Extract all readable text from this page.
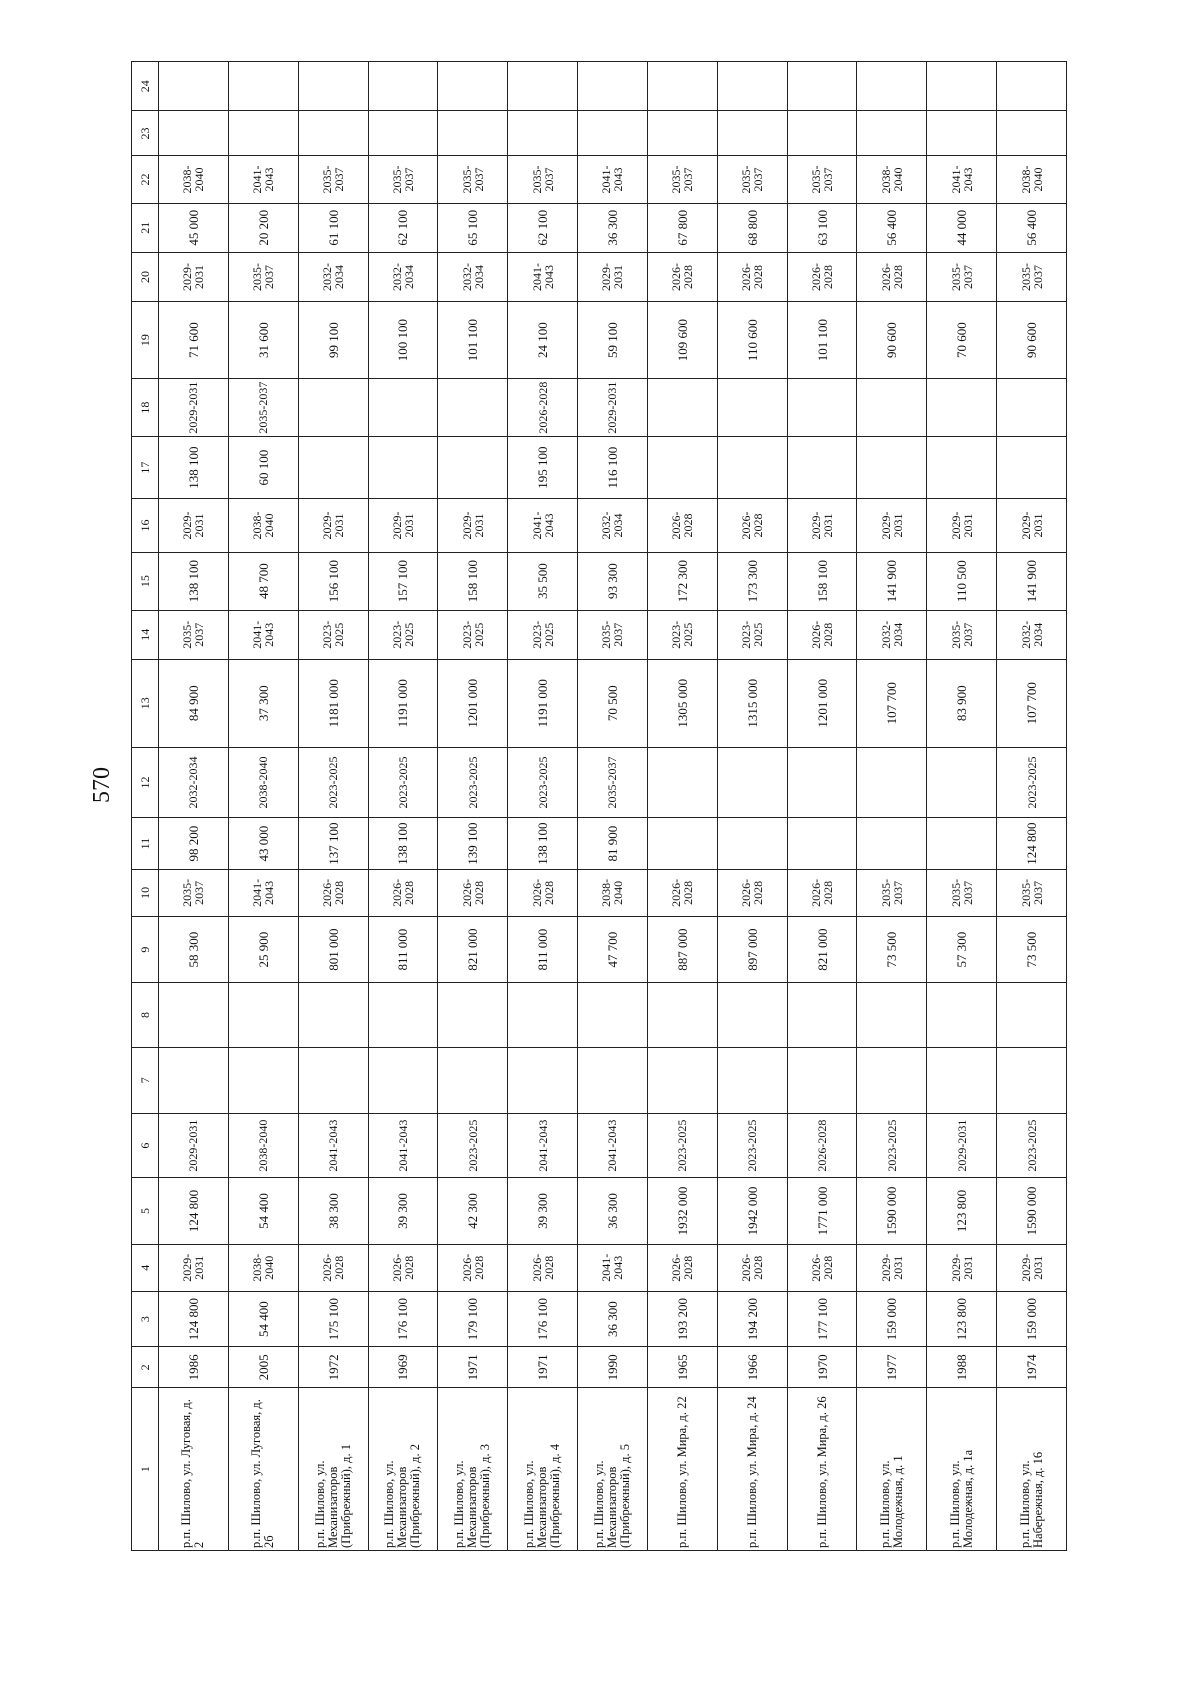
570
1	2	3	4	5	6	7	8	9	10	11	12	13	14	15	16	17	18	19	20	21	22	23	24
р.п. Шилово, ул. Луговая, д. 2	1986	124 800	2029-2031	124 800	2029-2031			58 300	2035-2037	98 200	2032-2034	84 900	2035-2037	138 100	2029-2031	138 100	2029-2031	71 600	2029-2031	45 000	2038-2040		
р.п. Шилово, ул. Луговая, д. 2б	2005	54 400	2038-2040	54 400	2038-2040			25 900	2041-2043	43 000	2038-2040	37 300	2041-2043	48 700	2038-2040	60 100	2035-2037	31 600	2035-2037	20 200	2041-2043		
р.п. Шилово, ул. Механизаторов (Прибрежный), д. 1	1972	175 100	2026-2028	38 300	2041-2043			801 000	2026-2028	137 100	2023-2025	1181 000	2023-2025	156 100	2029-2031			99 100	2032-2034	61 100	2035-2037		
р.п. Шилово, ул. Механизаторов (Прибрежный), д. 2	1969	176 100	2026-2028	39 300	2041-2043			811 000	2026-2028	138 100	2023-2025	1191 000	2023-2025	157 100	2029-2031			100 100	2032-2034	62 100	2035-2037		
р.п. Шилово, ул. Механизаторов (Прибрежный), д. 3	1971	179 100	2026-2028	42 300	2023-2025			821 000	2026-2028	139 100	2023-2025	1201 000	2023-2025	158 100	2029-2031			101 100	2032-2034	65 100	2035-2037		
р.п. Шилово, ул. Механизаторов (Прибрежный), д. 4	1971	176 100	2026-2028	39 300	2041-2043			811 000	2026-2028	138 100	2023-2025	1191 000	2023-2025	35 500	2041-2043	195 100	2026-2028	24 100	2041-2043	62 100	2035-2037		
р.п. Шилово, ул. Механизаторов (Прибрежный), д. 5	1990	36 300	2041-2043	36 300	2041-2043			47 700	2038-2040	81 900	2035-2037	70 500	2035-2037	93 300	2032-2034	116 100	2029-2031	59 100	2029-2031	36 300	2041-2043		
р.п. Шилово, ул. Мира, д. 22	1965	193 200	2026-2028	1932 000	2023-2025			887 000	2026-2028			1305 000	2023-2025	172 300	2026-2028			109 600	2026-2028	67 800	2035-2037		
р.п. Шилово, ул. Мира, д. 24	1966	194 200	2026-2028	1942 000	2023-2025			897 000	2026-2028			1315 000	2023-2025	173 300	2026-2028			110 600	2026-2028	68 800	2035-2037		
р.п. Шилово, ул. Мира, д. 26	1970	177 100	2026-2028	1771 000	2026-2028			821 000	2026-2028			1201 000	2026-2028	158 100	2029-2031			101 100	2026-2028	63 100	2035-2037		
р.п. Шилово, ул. Молодежная, д. 1	1977	159 000	2029-2031	1590 000	2023-2025			73 500	2035-2037			107 700	2032-2034	141 900	2029-2031			90 600	2026-2028	56 400	2038-2040		
р.п. Шилово, ул. Молодежная, д. 1а	1988	123 800	2029-2031	123 800	2029-2031			57 300	2035-2037			83 900	2035-2037	110 500	2029-2031			70 600	2035-2037	44 000	2041-2043		
р.п. Шилово, ул. Набережная, д. 16	1974	159 000	2029-2031	1590 000	2023-2025			73 500	2035-2037	124 800	2023-2025	107 700	2032-2034	141 900	2029-2031			90 600	2035-2037	56 400	2038-2040		
